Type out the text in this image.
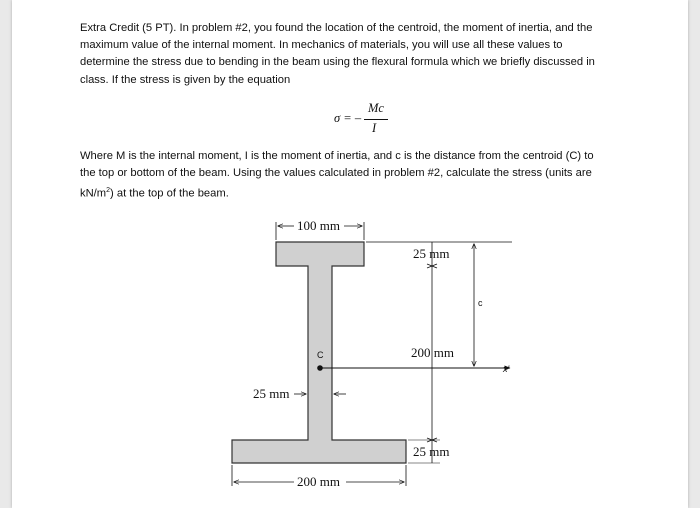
Extra Credit (5 PT). In problem #2, you found the location of the centroid, the moment of inertia, and the maximum value of the internal moment. In mechanics of materials, you will use all these values to determine the stress due to bending in the beam using the flexural formula which we briefly discussed in class. If the stress is given by the equation

σ = –
Mc
I

Where M is the internal moment, I is the moment of inertia, and c is the distance from the centroid (C) to the top or bottom of the beam. Using the values calculated in problem #2, calculate the stress (units are $kN/m^2$) at the top of the beam.

100 mm
25 mm
200 mm
25 mm
c
C
x'
25 mm
200 mm
